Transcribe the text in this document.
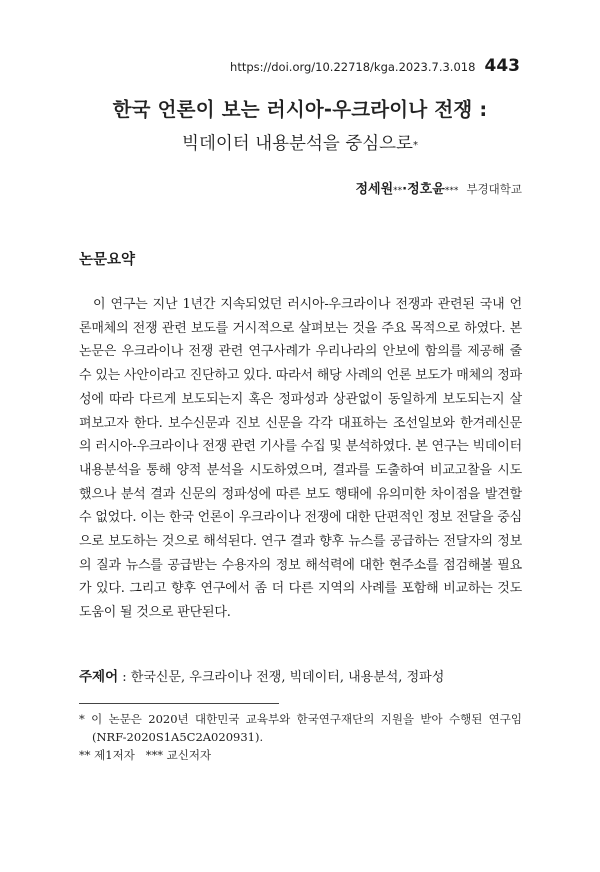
https://doi.org/10.22718/kga.2023.7.3.018 443
한국 언론이 보는 러시아-우크라이나 전쟁 :
빅데이터 내용분석을 중심으로*
정세원**·정호윤*** 부경대학교
논문요약

이 연구는 지난 1년간 지속되었던 러시아-우크라이나 전쟁과 관련된 국내 언론매체의 전쟁 관련 보도를 거시적으로 살펴보는 것을 주요 목적으로 하였다. 본 논문은 우크라이나 전쟁 관련 연구사례가 우리나라의 안보에 함의를 제공해 줄 수 있는 사안이라고 진단하고 있다. 따라서 해당 사례의 언론 보도가 매체의 정파성에 따라 다르게 보도되는지 혹은 정파성과 상관없이 동일하게 보도되는지 살펴보고자 한다. 보수신문과 진보 신문을 각각 대표하는 조선일보와 한겨레신문의 러시아-우크라이나 전쟁 관련 기사를 수집 및 분석하였다. 본 연구는 빅데이터 내용분석을 통해 양적 분석을 시도하였으며, 결과를 도출하여 비교고찰을 시도했으나 분석 결과 신문의 정파성에 따른 보도 행태에 유의미한 차이점을 발견할 수 없었다. 이는 한국 언론이 우크라이나 전쟁에 대한 단편적인 정보 전달을 중심으로 보도하는 것으로 해석된다. 연구 결과 향후 뉴스를 공급하는 전달자의 정보의 질과 뉴스를 공급받는 수용자의 정보 해석력에 대한 현주소를 점검해볼 필요가 있다. 그리고 향후 연구에서 좀 더 다른 지역의 사례를 포함해 비교하는 것도 도움이 될 것으로 판단된다.

주제어 : 한국신문, 우크라이나 전쟁, 빅데이터, 내용분석, 정파성

* 이 논문은 2020년 대한민국 교육부와 한국연구재단의 지원을 받아 수행된 연구임 (NRF-2020S1A5C2A020931).

** 제1저자   *** 교신저자
